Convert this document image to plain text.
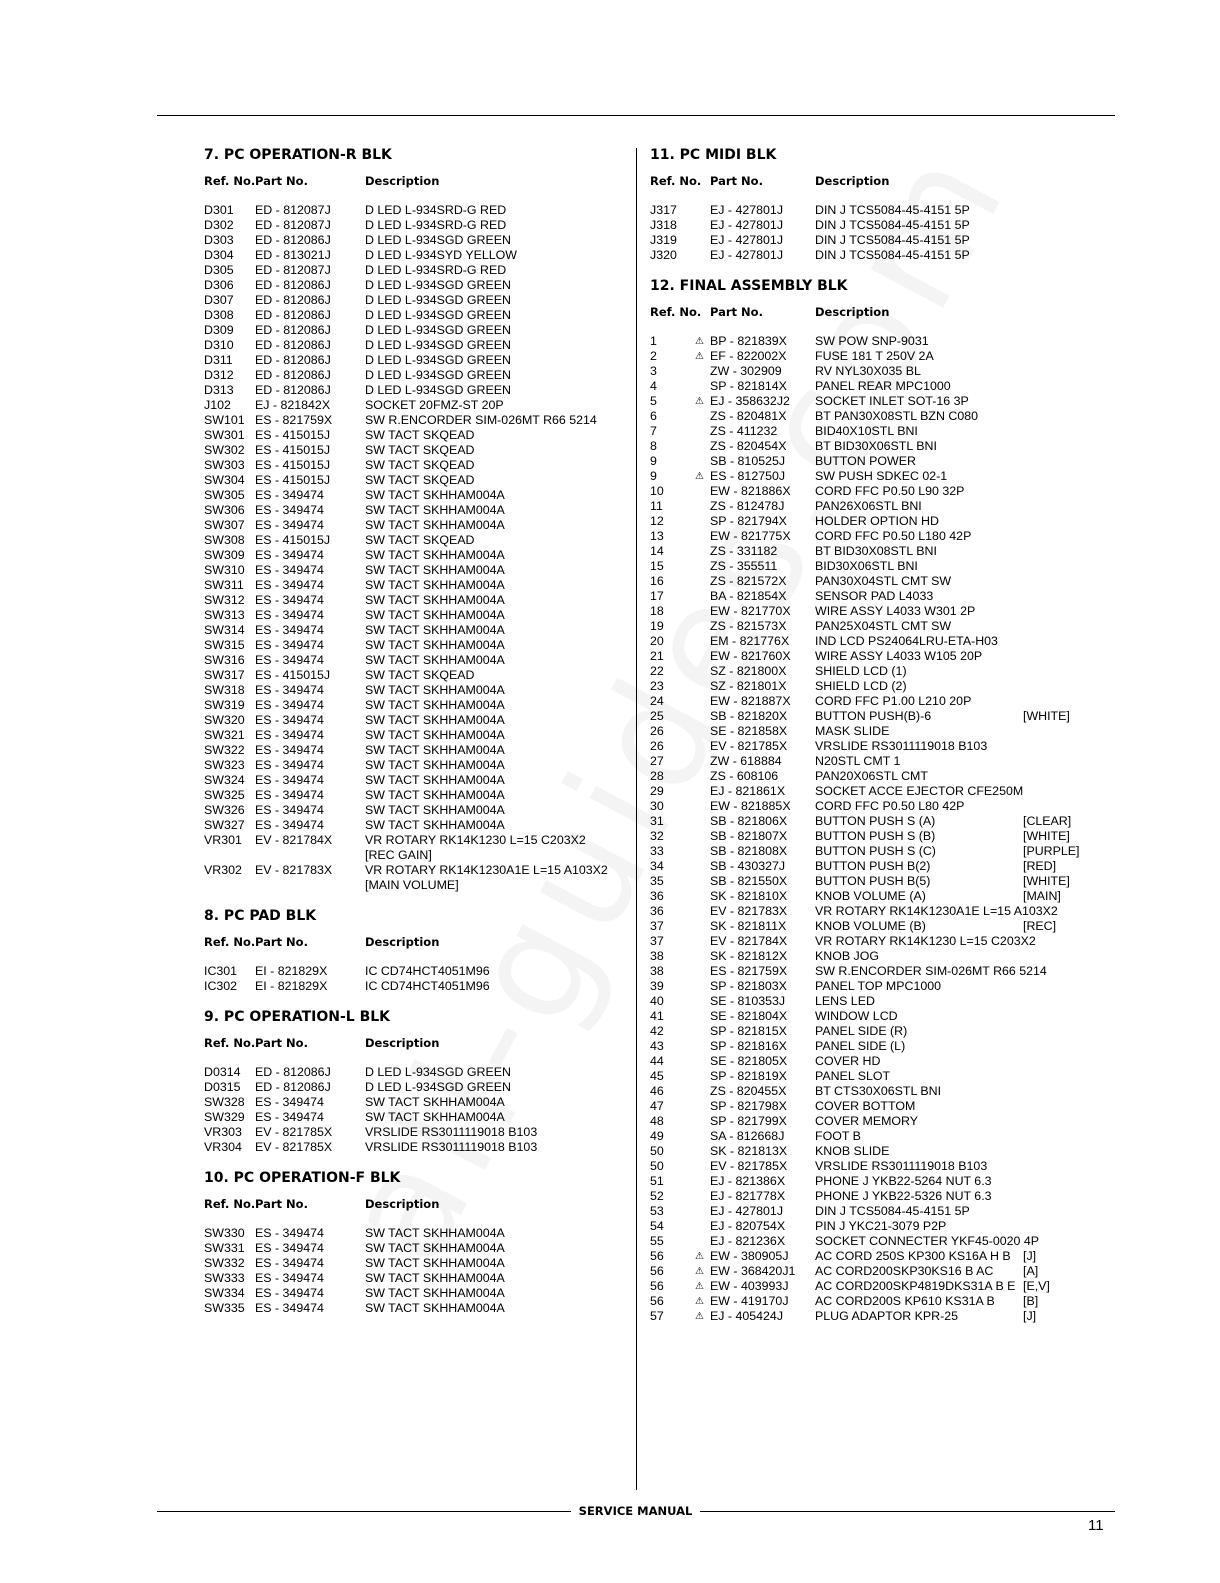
7. PC OPERATION-R BLK
Ref. No. Part No.	Description
D301 ED - 812087J	D LED L-934SRD-G RED
D302 ED - 812087J	D LED L-934SRD-G RED
D303 ED - 812086J	D LED L-934SGD GREEN
D304 ED - 813021J	D LED L-934SYD YELLOW
D305 ED - 812087J	D LED L-934SRD-G RED
D306 ED - 812086J	D LED L-934SGD GREEN
D307 ED - 812086J	D LED L-934SGD GREEN
D308 ED - 812086J	D LED L-934SGD GREEN
D309 ED - 812086J	D LED L-934SGD GREEN
D310 ED - 812086J	D LED L-934SGD GREEN
D311 ED - 812086J	D LED L-934SGD GREEN
D312 ED - 812086J	D LED L-934SGD GREEN
D313 ED - 812086J	D LED L-934SGD GREEN
J102 EJ - 821842X	SOCKET 20FMZ-ST 20P
SW101 ES - 821759X	SW R.ENCORDER SIM-026MT R66 5214
SW301 ES - 415015J	SW TACT SKQEAD
SW302 ES - 415015J	SW TACT SKQEAD
SW303 ES - 415015J	SW TACT SKQEAD
SW304 ES - 415015J	SW TACT SKQEAD
SW305 ES - 349474	SW TACT SKHHAM004A
SW306 ES - 349474	SW TACT SKHHAM004A
SW307 ES - 349474	SW TACT SKHHAM004A
SW308 ES - 415015J	SW TACT SKQEAD
SW309 ES - 349474	SW TACT SKHHAM004A
SW310 ES - 349474	SW TACT SKHHAM004A
SW311 ES - 349474	SW TACT SKHHAM004A
SW312 ES - 349474	SW TACT SKHHAM004A
SW313 ES - 349474	SW TACT SKHHAM004A
SW314 ES - 349474	SW TACT SKHHAM004A
SW315 ES - 349474	SW TACT SKHHAM004A
SW316 ES - 349474	SW TACT SKHHAM004A
SW317 ES - 415015J	SW TACT SKQEAD
SW318 ES - 349474	SW TACT SKHHAM004A
SW319 ES - 349474	SW TACT SKHHAM004A
SW320 ES - 349474	SW TACT SKHHAM004A
SW321 ES - 349474	SW TACT SKHHAM004A
SW322 ES - 349474	SW TACT SKHHAM004A
SW323 ES - 349474	SW TACT SKHHAM004A
SW324 ES - 349474	SW TACT SKHHAM004A
SW325 ES - 349474	SW TACT SKHHAM004A
SW326 ES - 349474	SW TACT SKHHAM004A
SW327 ES - 349474	SW TACT SKHHAM004A
VR301 EV - 821784X	VR ROTARY RK14K1230 L=15 C203X2
[REC GAIN]
VR302 EV - 821783X	VR ROTARY RK14K1230A1E L=15 A103X2
[MAIN VOLUME]
8. PC PAD BLK
Ref. No. Part No.	Description
IC301 EI - 821829X	IC CD74HCT4051M96
IC302 EI - 821829X	IC CD74HCT4051M96
9. PC OPERATION-L BLK
Ref. No. Part No.	Description
D0314 ED - 812086J	D LED L-934SGD GREEN
D0315 ED - 812086J	D LED L-934SGD GREEN
SW328 ES - 349474	SW TACT SKHHAM004A
SW329 ES - 349474	SW TACT SKHHAM004A
VR303 EV - 821785X	VRSLIDE RS3011119018 B103
VR304 EV - 821785X	VRSLIDE RS3011119018 B103
10. PC OPERATION-F BLK
Ref. No. Part No.	Description
SW330 ES - 349474	SW TACT SKHHAM004A
SW331 ES - 349474	SW TACT SKHHAM004A
SW332 ES - 349474	SW TACT SKHHAM004A
SW333 ES - 349474	SW TACT SKHHAM004A
SW334 ES - 349474	SW TACT SKHHAM004A
SW335 ES - 349474	SW TACT SKHHAM004A
11. PC MIDI BLK
Ref. No. Part No.	Description
J317	EJ - 427801J	DIN J TCS5084-45-4151 5P
J318	EJ - 427801J	DIN J TCS5084-45-4151 5P
J319	EJ - 427801J	DIN J TCS5084-45-4151 5P
J320	EJ - 427801J	DIN J TCS5084-45-4151 5P
12. FINAL ASSEMBLY BLK
Ref. No. Part No.	Description
1	⚠ BP - 821839X SW POW SNP-9031
2	⚠ EF - 822002X FUSE 181 T 250V 2A
3	ZW - 302909	RV NYL30X035 BL
4	SP - 821814X PANEL REAR MPC1000
5	⚠ EJ - 358632J2 SOCKET INLET SOT-16 3P
6	ZS - 820481X BT PAN30X08STL BZN C080
7	ZS - 411232	BID40X10STL BNI
8	ZS - 820454X BT BID30X06STL BNI
9	SB - 810525J BUTTON POWER
9	⚠ ES - 812750J SW PUSH SDKEC 02-1
10	EW - 821886X CORD FFC P0.50 L90 32P
11	ZS - 812478J PAN26X06STL BNI
12	SP - 821794X HOLDER OPTION HD
13	EW - 821775X CORD FFC P0.50 L180 42P
14	ZS - 331182	BT BID30X08STL BNI
15	ZS - 355511	BID30X06STL BNI
16	ZS - 821572X PAN30X04STL CMT SW
17	BA - 821854X SENSOR PAD L4033
18	EW - 821770X WIRE ASSY L4033 W301 2P
19	ZS - 821573X PAN25X04STL CMT SW
20	EM - 821776X IND LCD PS24064LRU-ETA-H03
21	EW - 821760X WIRE ASSY L4033 W105 20P
22	SZ - 821800X SHIELD LCD (1)
23	SZ - 821801X SHIELD LCD (2)
24	EW - 821887X CORD FFC P1.00 L210 20P
25	SB - 821820X BUTTON PUSH(B)-6	[WHITE]
26	SE - 821858X MASK SLIDE
26	EV - 821785X VRSLIDE RS3011119018 B103
27	ZW - 618884	N20STL CMT 1
28	ZS - 608106	PAN20X06STL CMT
29	EJ - 821861X SOCKET ACCE EJECTOR CFE250M
30	EW - 821885X CORD FFC P0.50 L80 42P
31	SB - 821806X BUTTON PUSH S (A)	[CLEAR]
32	SB - 821807X BUTTON PUSH S (B)	[WHITE]
33	SB - 821808X BUTTON PUSH S (C)	[PURPLE]
34	SB - 430327J BUTTON PUSH B(2)	[RED]
35	SB - 821550X BUTTON PUSH B(5)	[WHITE]
36	SK - 821810X KNOB VOLUME (A)	[MAIN]
36	EV - 821783X VR ROTARY RK14K1230A1E L=15 A103X2
37	SK - 821811X KNOB VOLUME (B)	[REC]
37	EV - 821784X VR ROTARY RK14K1230 L=15 C203X2
38	SK - 821812X KNOB JOG
38	ES - 821759X SW R.ENCORDER SIM-026MT R66 5214
39	SP - 821803X PANEL TOP MPC1000
40	SE - 810353J LENS LED
41	SE - 821804X WINDOW LCD
42	SP - 821815X PANEL SIDE (R)
43	SP - 821816X PANEL SIDE (L)
44	SE - 821805X COVER HD
45	SP - 821819X PANEL SLOT
46	ZS - 820455X BT CTS30X06STL BNI
47	SP - 821798X COVER BOTTOM
48	SP - 821799X COVER MEMORY
49	SA - 812668J FOOT B
50	SK - 821813X KNOB SLIDE
50	EV - 821785X VRSLIDE RS3011119018 B103
51	EJ - 821386X PHONE J YKB22-5264 NUT 6.3
52	EJ - 821778X PHONE J YKB22-5326 NUT 6.3
53	EJ - 427801J	DIN J TCS5084-45-4151 5P
54	EJ - 820754X PIN J YKC21-3079 P2P
55	EJ - 821236X SOCKET CONNECTER YKF45-0020 4P
56	⚠ EW - 380905J AC CORD 250S KP300 KS16A H B [J]
56	⚠ EW - 368420J1 AC CORD200SKP30KS16 B AC [A]
56	⚠ EW - 403993J AC CORD200SKP4819DKS31A B E [E,V]
56	⚠ EW - 419170J AC CORD200S KP610 KS31A B [B]
57	⚠ EJ - 405424J	PLUG ADAPTOR KPR-25	[J]
SERVICE MANUAL
11
